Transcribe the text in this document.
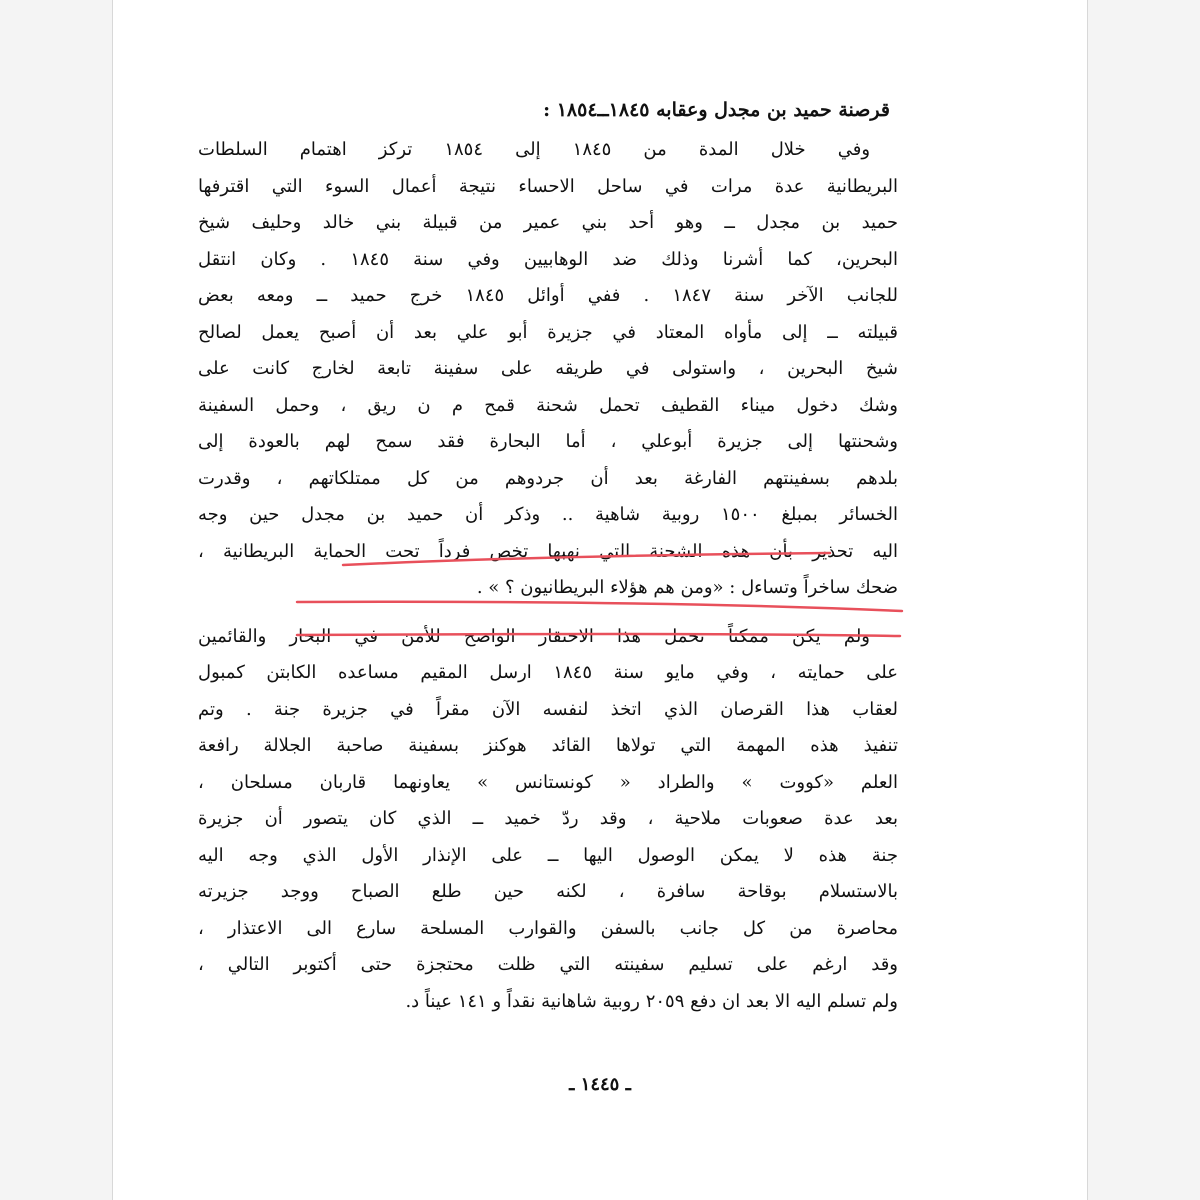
ـ ١٤٤٥ ـ
قرصنة حميد بن مجدل وعقابه ١٨٤٥ــ١٨٥٤ :
وفي خلال المدة من ١٨٤٥ إلى ١٨٥٤ تركز اهتمام السلطات
البريطانية عدة مرات في ساحل الاحساء نتيجة أعمال السوء التي اقترفها
حميد بن مجدل ــ وهو أحد بني عمير من قبيلة بني خالد وحليف شيخ
البحرين، كما أشرنا وذلك ضد الوهابيين وفي سنة ١٨٤٥ . وكان انتقل
للجانب الآخر سنة ١٨٤٧ . ففي أوائل ١٨٤٥ خرج حميد ــ ومعه بعض
قبيلته ــ إلى مأواه المعتاد في جزيرة أبو علي بعد أن أصبح يعمل لصالح
شيخ البحرين ، واستولى في طريقه على سفينة تابعة لخارج كانت على
وشك دخول ميناء القطيف تحمل شحنة قمح م ن ريق ، وحمل السفينة
وشحنتها إلى جزيرة أبوعلي ، أما البحارة فقد سمح لهم بالعودة إلى
بلدهم بسفينتهم الفارغة بعد أن جردوهم من كل ممتلكاتهم ، وقدرت
الخسائر بمبلغ ١٥٠٠ روبية شاهية .. وذكر أن حميد بن مجدل حين وجه
اليه تحذير بأن هذه الشحنة التي نهبها تخص فرداً تحت الحماية البريطانية ،
ضحك ساخراً وتساءل : «ومن هم هؤلاء البريطانيون ؟ » .
ولم يكن ممكناً تحمل هذا الاحتقار الواضح للأمن في البحار والقائمين
على حمايته ، وفي مايو سنة ١٨٤٥ ارسل المقيم مساعده الكابتن كمبول
لعقاب هذا القرصان الذي اتخذ لنفسه الآن مقراً في جزيرة جنة . وتم
تنفيذ هذه المهمة التي تولاها القائد هوكنز بسفينة صاحبة الجلالة رافعة
العلم «كووت » والطراد « كونستانس » يعاونهما قاربان مسلحان ،
بعد عدة صعوبات ملاحية ، وقد ردّ خميد ــ الذي كان يتصور أن جزيرة
جنة هذه لا يمكن الوصول اليها ــ على الإنذار الأول الذي وجه اليه
بالاستسلام بوقاحة سافرة ، لكنه حين طلع الصباح ووجد جزيرته
محاصرة من كل جانب بالسفن والقوارب المسلحة سارع الى الاعتذار ،
وقد ارغم على تسليم سفينته التي ظلت محتجزة حتى أكتوبر التالي ،
ولم تسلم اليه الا بعد ان دفع ٢٠٥٩ روبية شاهانية نقداً و ١٤١ عيناً د.
